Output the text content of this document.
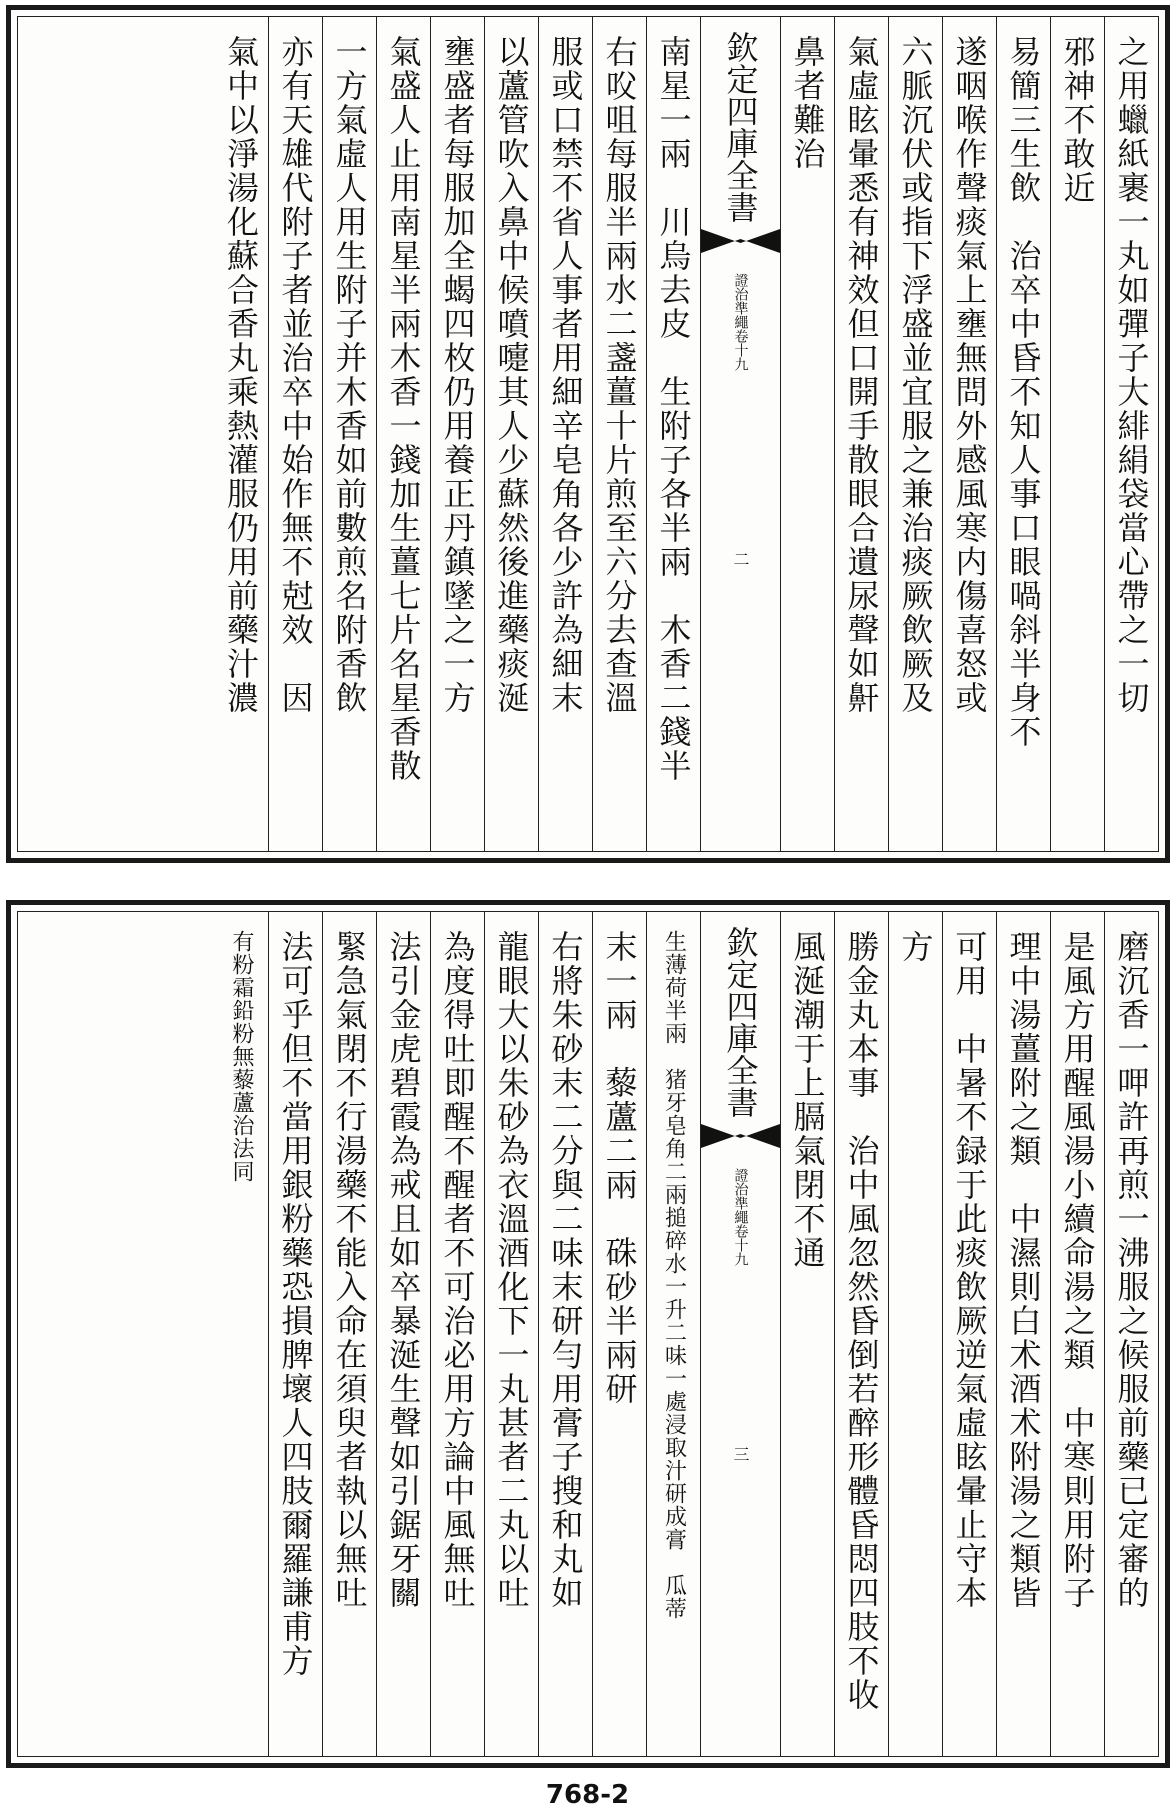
之用蠟紙裹一丸如彈子大緋絹袋當心帶之一切
邪神不敢近
易簡三生飲　治卒中昏不知人事口眼喎斜半身不
遂咽喉作聲痰氣上壅無問外感風寒内傷喜怒或
六脈沉伏或指下浮盛並宜服之兼治痰厥飲厥及
氣虛眩暈悉有神效但口開手散眼合遺尿聲如鼾
鼻者難治
欽定四庫全書
證治準繩卷十九
二
南星一兩　川烏去皮　生附子各半兩　木香二錢半
右㕮咀每服半兩水二盞薑十片煎至六分去查溫
服或口禁不省人事者用細辛皂角各少許為細末
以蘆管吹入鼻中候噴嚏其人少蘇然後進藥痰涎
壅盛者每服加全蝎四枚仍用養正丹鎮墜之一方
氣盛人止用南星半兩木香一錢加生薑七片名星香散
一方氣虛人用生附子并木香如前數煎名附香飲
亦有天雄代附子者並治卒中始作無不尅效　因
氣中以淨湯化蘇合香丸乘熱灌服仍用前藥汁濃
磨沉香一呷許再煎一沸服之候服前藥已定審的
是風方用醒風湯小續命湯之類　中寒則用附子
理中湯薑附之類　中濕則白术酒术附湯之類皆
可用　中暑不録于此痰飲厥逆氣虛眩暈止守本
方
勝金丸本事　治中風忽然昏倒若醉形體昏悶四肢不收
風涎潮于上膈氣閉不通
欽定四庫全書
證治準繩卷十九
三
生薄荷半兩　猪牙皂角二兩搥碎水一升二味一處浸取汁研成膏　瓜蒂
末一兩　藜蘆二兩　硃砂半兩研
右將朱砂末二分與二味末研勻用膏子搜和丸如
龍眼大以朱砂為衣溫酒化下一丸甚者二丸以吐
為度得吐即醒不醒者不可治必用方論中風無吐
法引金虎碧霞為戒且如卒暴涎生聲如引鋸牙關
緊急氣閉不行湯藥不能入命在須臾者執以無吐
法可乎但不當用銀粉藥恐損脾壞人四肢爾羅謙甫方
有粉霜鉛粉無藜蘆治法同
768-2
